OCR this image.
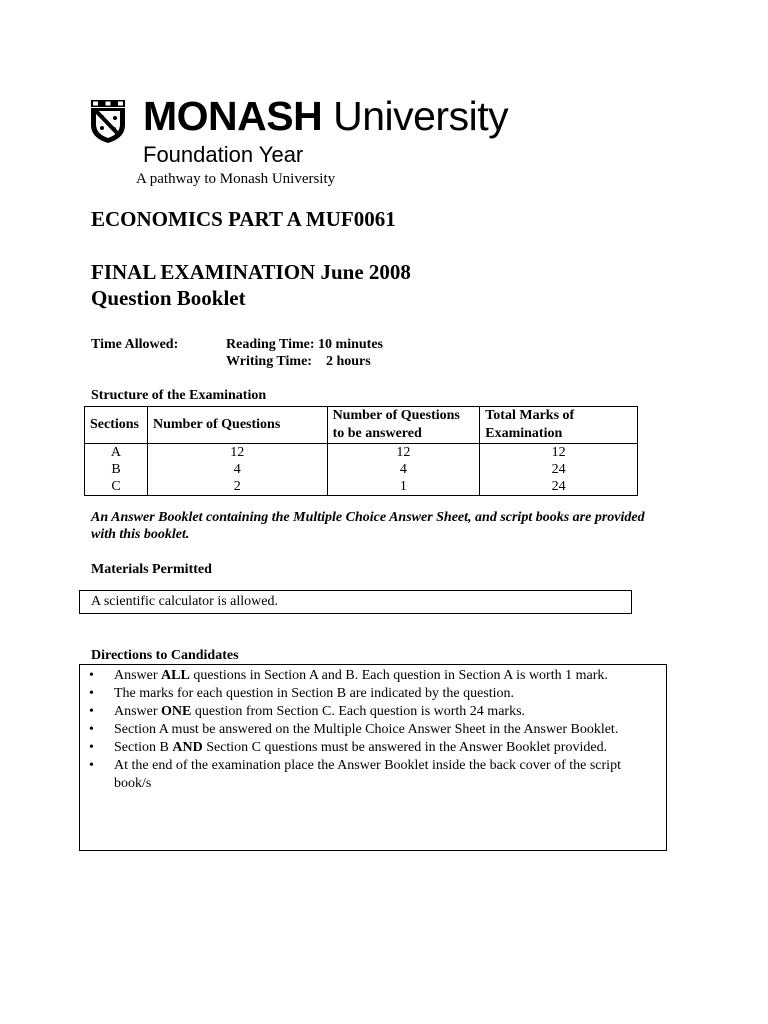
MONASH University
Foundation Year
A pathway to Monash University
ECONOMICS PART A MUF0061
FINAL EXAMINATION June 2008
Question Booklet
Time Allowed:	Reading Time: 10 minutes
Writing Time:    2 hours
Structure of the Examination
Sections	Number of Questions	Number of Questions to be answered	Total Marks of Examination
A	12	12	12
B	4	4	24
C	2	1	24
An Answer Booklet containing the Multiple Choice Answer Sheet, and script books are provided with this booklet.
Materials Permitted
A scientific calculator is allowed.
Directions to Candidates
• Answer ALL questions in Section A and B. Each question in Section A is worth 1 mark.
• The marks for each question in Section B are indicated by the question.
• Answer ONE question from Section C. Each question is worth 24 marks.
• Section A must be answered on the Multiple Choice Answer Sheet in the Answer Booklet.
• Section B AND Section C questions must be answered in the Answer Booklet provided.
• At the end of the examination place the Answer Booklet inside the back cover of the script book/s
